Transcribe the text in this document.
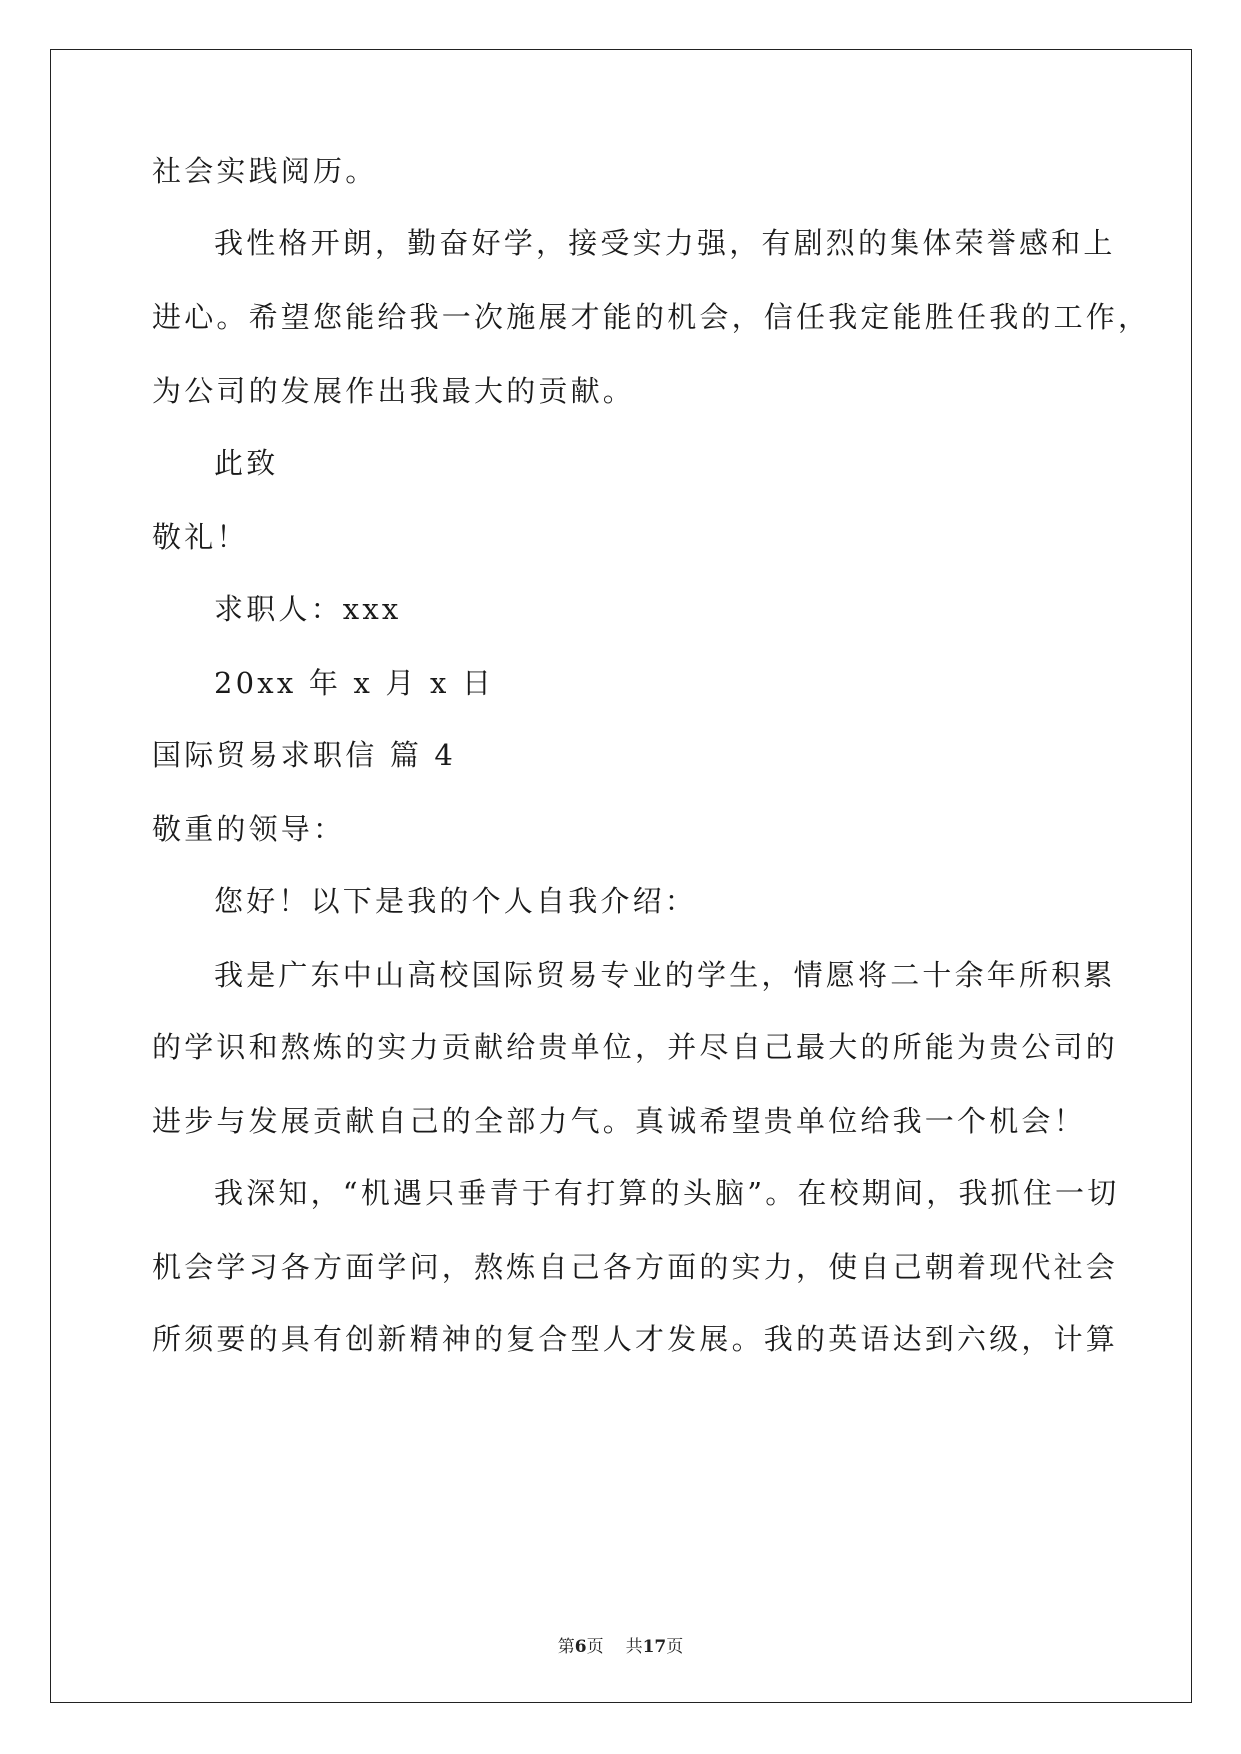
社会实践阅历。
我性格开朗，勤奋好学，接受实力强，有剧烈的集体荣誉感和上
进心。希望您能给我一次施展才能的机会，信任我定能胜任我的工作，
为公司的发展作出我最大的贡献。
此致
敬礼！
求职人：xxx
20xx 年 x 月 x 日
国际贸易求职信 篇 4
敬重的领导：
您好！以下是我的个人自我介绍：
我是广东中山高校国际贸易专业的学生，情愿将二十余年所积累
的学识和熬炼的实力贡献给贵单位，并尽自己最大的所能为贵公司的
进步与发展贡献自己的全部力气。真诚希望贵单位给我一个机会！
我深知，“机遇只垂青于有打算的头脑”。在校期间，我抓住一切
机会学习各方面学问，熬炼自己各方面的实力，使自己朝着现代社会
所须要的具有创新精神的复合型人才发展。我的英语达到六级，计算
第6页 共17页
